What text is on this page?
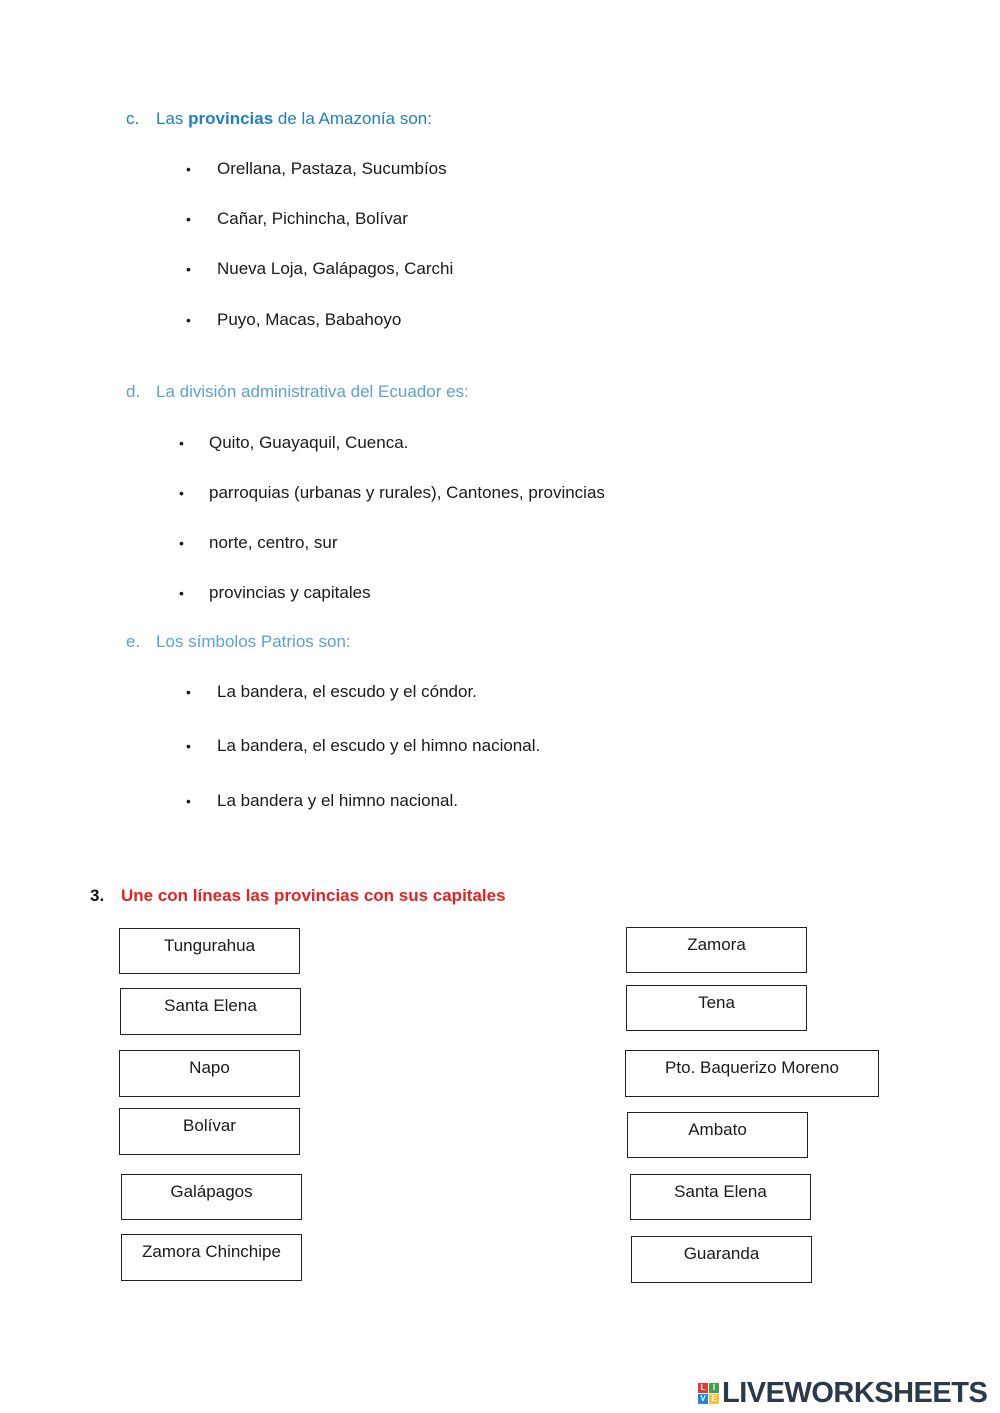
c. Las provincias de la Amazonía son:
• Orellana, Pastaza, Sucumbíos
• Cañar, Pichincha, Bolívar
• Nueva Loja, Galápagos, Carchi
• Puyo, Macas, Babahoyo
d. La división administrativa del Ecuador es:
• Quito, Guayaquil, Cuenca.
• parroquias (urbanas y rurales), Cantones, provincias
• norte, centro, sur
• provincias y capitales
e. Los símbolos Patrios son:
• La bandera, el escudo y el cóndor.
• La bandera, el escudo y el himno nacional.
• La bandera y el himno nacional.
3. Une con líneas las provincias con sus capitales
Tungurahua
Santa Elena
Napo
Bolívar
Galápagos
Zamora Chinchipe
Zamora
Tena
Pto. Baquerizo Moreno
Ambato
Santa Elena
Guaranda
L I
V E LIVEWORKSHEETS
